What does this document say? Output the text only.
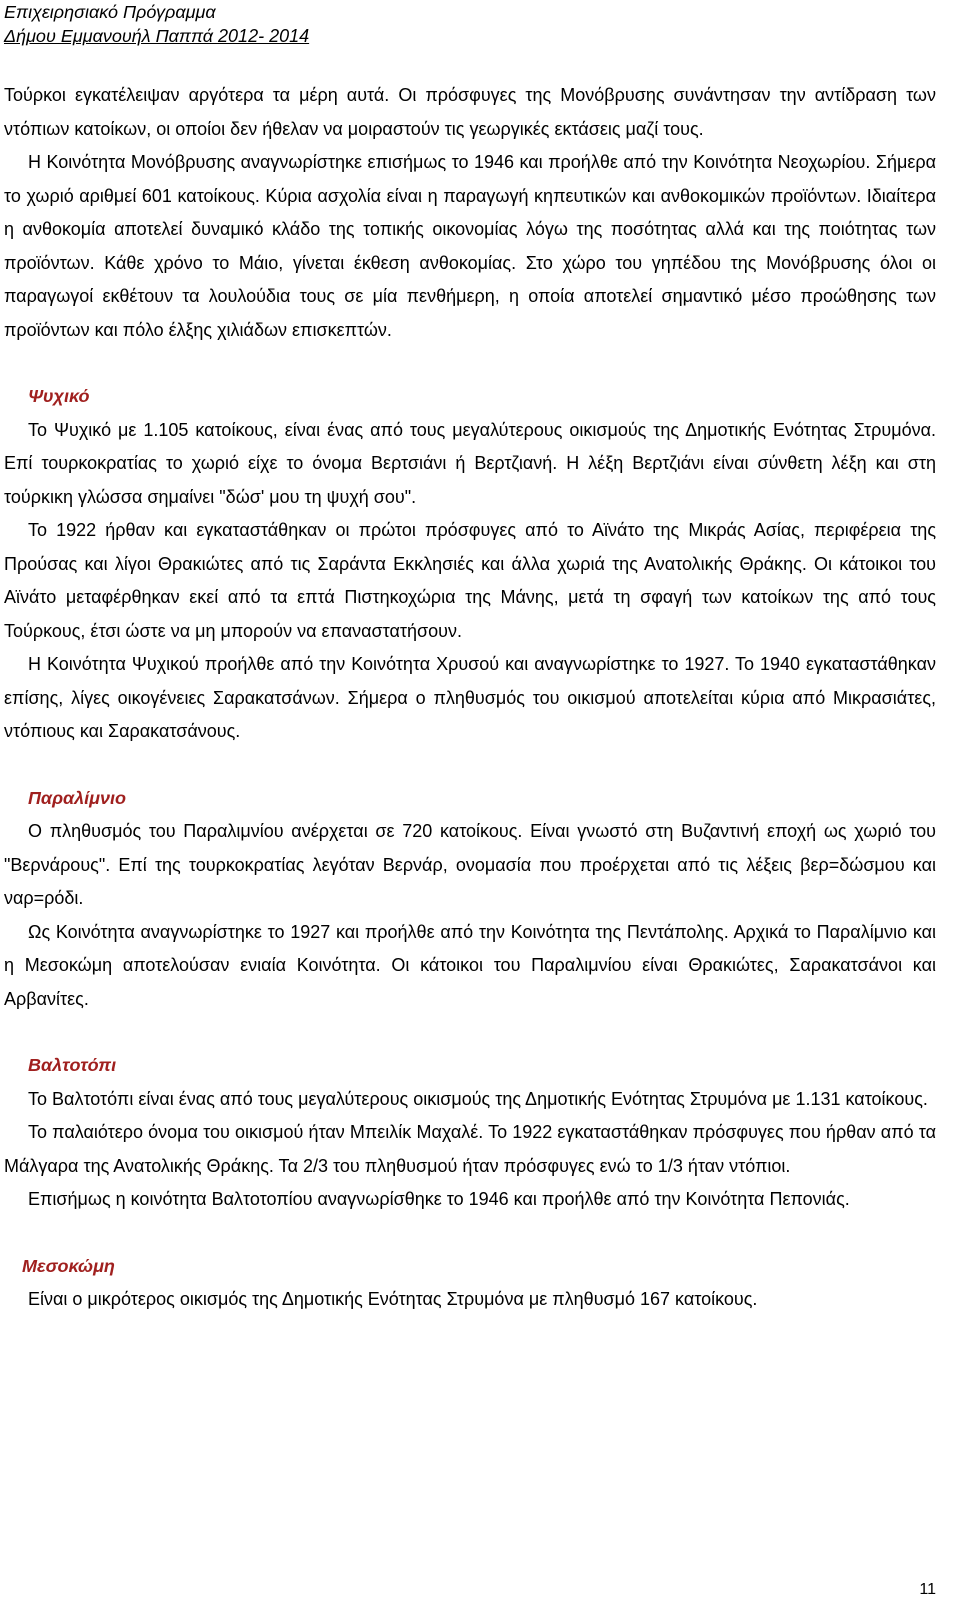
Επιχειρησιακό Πρόγραμμα
Δήμου Εμμανουήλ Παππά 2012- 2014

Τούρκοι εγκατέλειψαν αργότερα τα μέρη αυτά. Οι πρόσφυγες της Μονόβρυσης συνάντησαν την αντίδραση των ντόπιων κατοίκων, οι οποίοι δεν ήθελαν να μοιραστούν τις γεωργικές εκτάσεις μαζί τους.

Η Κοινότητα Μονόβρυσης αναγνωρίστηκε επισήμως το 1946 και προήλθε από την Κοινότητα Νεοχωρίου. Σήμερα το χωριό αριθμεί 601 κατοίκους. Κύρια ασχολία είναι η παραγωγή κηπευτικών και ανθοκομικών προϊόντων. Ιδιαίτερα η ανθοκομία αποτελεί δυναμικό κλάδο της τοπικής οικονομίας λόγω της ποσότητας αλλά και της ποιότητας των προϊόντων. Κάθε χρόνο το Μάιο, γίνεται έκθεση ανθοκομίας. Στο χώρο του γηπέδου της Μονόβρυσης όλοι οι παραγωγοί εκθέτουν τα λουλούδια τους σε μία πενθήμερη, η οποία αποτελεί σημαντικό μέσο προώθησης των προϊόντων και πόλο έλξης χιλιάδων επισκεπτών.

Ψυχικό

Το Ψυχικό με 1.105 κατοίκους, είναι ένας από τους μεγαλύτερους οικισμούς της Δημοτικής Ενότητας Στρυμόνα. Επί τουρκοκρατίας το χωριό είχε το όνομα Βερτσιάνι ή Βερτζιανή. Η λέξη Βερτζιάνι είναι σύνθετη λέξη και στη τούρκικη γλώσσα σημαίνει "δώσ' μου τη ψυχή σου".

Το 1922 ήρθαν και εγκαταστάθηκαν οι πρώτοι πρόσφυγες από το Αϊνάτο της Μικράς Ασίας, περιφέρεια της Προύσας και λίγοι Θρακιώτες από τις Σαράντα Εκκλησιές και άλλα χωριά της Ανατολικής Θράκης. Οι κάτοικοι του Αϊνάτο μεταφέρθηκαν εκεί από τα επτά Πιστηκοχώρια της Μάνης, μετά τη σφαγή των κατοίκων της από τους Τούρκους, έτσι ώστε να μη μπορούν να επαναστατήσουν.

Η Κοινότητα Ψυχικού προήλθε από την Κοινότητα Χρυσού και αναγνωρίστηκε το 1927. Το 1940 εγκαταστάθηκαν επίσης, λίγες οικογένειες Σαρακατσάνων. Σήμερα ο πληθυσμός του οικισμού αποτελείται κύρια από Μικρασιάτες, ντόπιους και Σαρακατσάνους.

Παραλίμνιο

Ο πληθυσμός του Παραλιμνίου ανέρχεται σε 720 κατοίκους. Είναι γνωστό στη Βυζαντινή εποχή ως χωριό του "Βερνάρους". Επί της τουρκοκρατίας λεγόταν Βερνάρ, ονομασία που προέρχεται από τις λέξεις βερ=δώσμου και ναρ=ρόδι.

Ως Κοινότητα αναγνωρίστηκε το 1927 και προήλθε από την Κοινότητα της Πεντάπολης. Αρχικά το Παραλίμνιο και η Μεσοκώμη αποτελούσαν ενιαία Κοινότητα. Οι κάτοικοι του Παραλιμνίου είναι Θρακιώτες, Σαρακατσάνοι και Αρβανίτες.

Βαλτοτόπι

Το Βαλτοτόπι είναι ένας από τους μεγαλύτερους οικισμούς της Δημοτικής Ενότητας Στρυμόνα με 1.131 κατοίκους.

Το παλαιότερο όνομα του οικισμού ήταν Μπειλίκ Μαχαλέ. Το 1922 εγκαταστάθηκαν πρόσφυγες που ήρθαν από τα Μάλγαρα της Ανατολικής Θράκης. Τα 2/3 του πληθυσμού ήταν πρόσφυγες ενώ τo 1/3 ήταν ντόπιοι.

Επισήμως η κοινότητα Βαλτοτοπίου αναγνωρίσθηκε το 1946 και προήλθε από την Κοινότητα Πεπονιάς.

Μεσοκώμη

Είναι ο μικρότερος οικισμός της Δημοτικής Ενότητας Στρυμόνα με πληθυσμό 167 κατοίκους.

11
